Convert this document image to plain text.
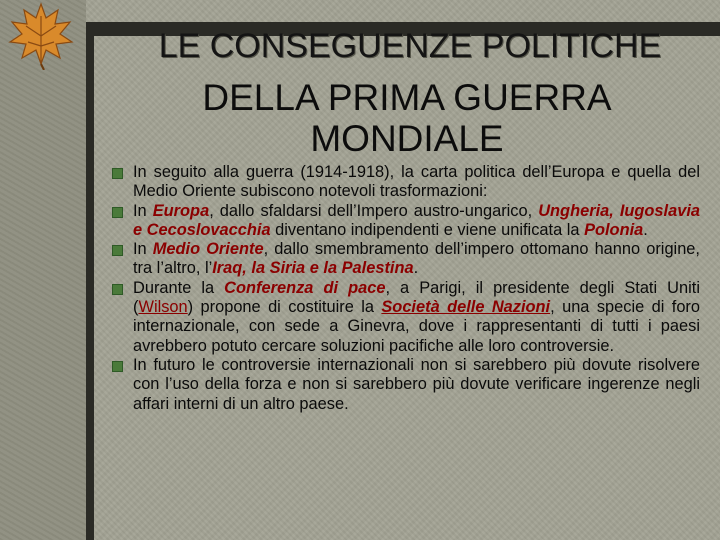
LE CONSEGUENZE POLITICHE
DELLA PRIMA GUERRA
MONDIALE
In seguito alla guerra (1914-1918), la carta politica dell’Europa e quella del Medio Oriente subiscono notevoli trasformazioni:
In Europa, dallo sfaldarsi dell’Impero austro-ungarico, Ungheria, Iugoslavia e Cecoslovacchia diventano indipendenti e viene unificata la Polonia.
In Medio Oriente, dallo smembramento dell’impero ottomano hanno origine, tra l’altro, l’Iraq, la Siria e la Palestina.
Durante la Conferenza di pace, a Parigi, il presidente degli Stati Uniti (Wilson) propone di costituire la Società delle Nazioni, una specie di foro internazionale, con sede a Ginevra, dove i rappresentanti di tutti i paesi avrebbero potuto cercare soluzioni pacifiche alle loro controversie.
In futuro le controversie internazionali non si sarebbero più dovute risolvere con l’uso della forza e non si sarebbero più dovute verificare ingerenze negli affari interni di un altro paese.
